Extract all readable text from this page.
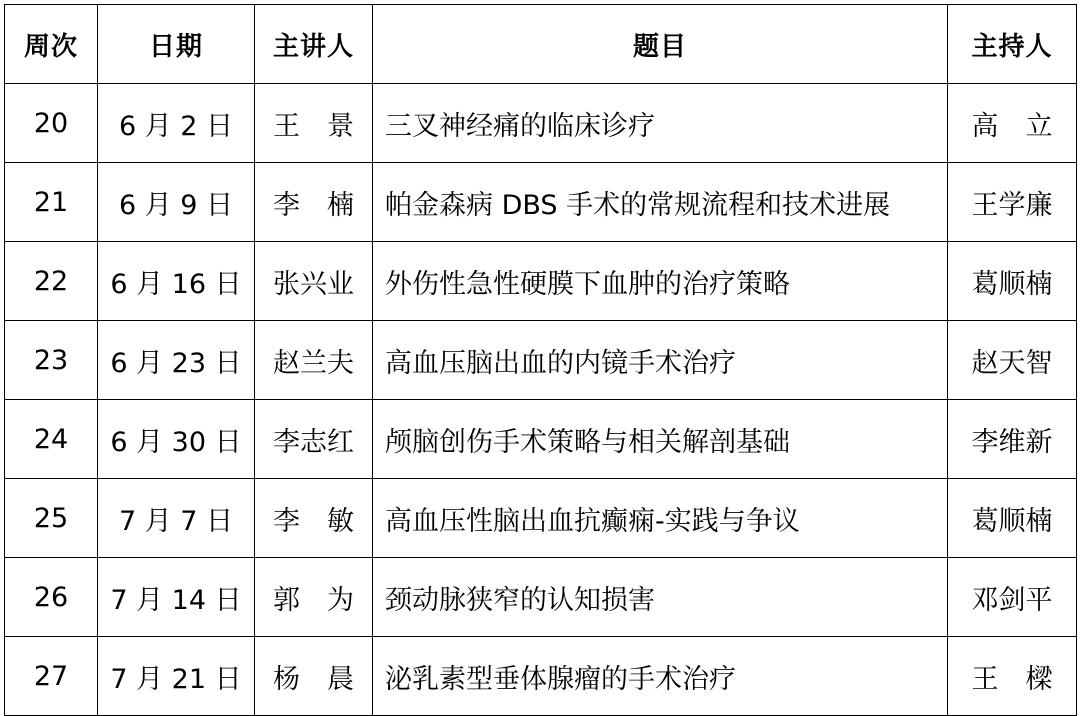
周次	日期	主讲人	题目	主持人
20	6 月 2 日	王　景	三叉神经痛的临床诊疗	高　立
21	6 月 9 日	李　楠	帕金森病 DBS 手术的常规流程和技术进展	王学廉
22	6 月 16 日	张兴业	外伤性急性硬膜下血肿的治疗策略	葛顺楠
23	6 月 23 日	赵兰夫	高血压脑出血的内镜手术治疗	赵天智
24	6 月 30 日	李志红	颅脑创伤手术策略与相关解剖基础	李维新
25	7 月 7 日	李　敏	高血压性脑出血抗癫痫-实践与争议	葛顺楠
26	7 月 14 日	郭　为	颈动脉狭窄的认知损害	邓剑平
27	7 月 21 日	杨　晨	泌乳素型垂体腺瘤的手术治疗	王　樑
